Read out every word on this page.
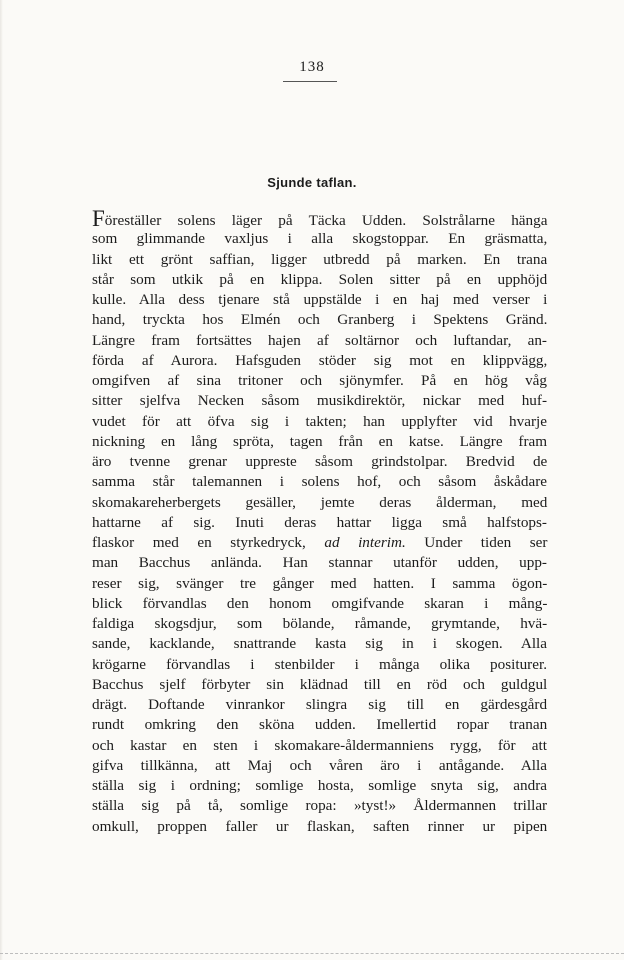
138
Sjunde taflan.
Föreställer solens läger på Täcka Udden. Solstrålarne hänga
som glimmande vaxljus i alla skogstoppar. En gräsmatta,
likt ett grönt saffian, ligger utbredd på marken. En trana
står som utkik på en klippa. Solen sitter på en upphöjd
kulle. Alla dess tjenare stå uppstälde i en haj med verser i
hand, tryckta hos Elmén och Granberg i Spektens Gränd.
Längre fram fortsättes hajen af soltärnor och luftandar, an-
förda af Aurora. Hafsguden stöder sig mot en klippvägg,
omgifven af sina tritoner och sjönymfer. På en hög våg
sitter sjelfva Necken såsom musikdirektör, nickar med huf-
vudet för att öfva sig i takten; han upplyfter vid hvarje
nickning en lång spröta, tagen från en katse. Längre fram
äro tvenne grenar uppreste såsom grindstolpar. Bredvid de
samma står talemannen i solens hof, och såsom åskådare
skomakareherbergets gesäller, jemte deras ålderman, med
hattarne af sig. Inuti deras hattar ligga små halfstops-
flaskor med en styrkedryck, ad interim. Under tiden ser
man Bacchus anlända. Han stannar utanför udden, upp-
reser sig, svänger tre gånger med hatten. I samma ögon-
blick förvandlas den honom omgifvande skaran i mång-
faldiga skogsdjur, som bölande, råmande, grymtande, hvä-
sande, kacklande, snattrande kasta sig in i skogen. Alla
krögarne förvandlas i stenbilder i många olika positurer.
Bacchus sjelf förbyter sin klädnad till en röd och guldgul
drägt. Doftande vinrankor slingra sig till en gärdesgård
rundt omkring den sköna udden. Imellertid ropar tranan
och kastar en sten i skomakare-åldermanniens rygg, för att
gifva tillkänna, att Maj och våren äro i antågande. Alla
ställa sig i ordning; somlige hosta, somlige snyta sig, andra
ställa sig på tå, somlige ropa: »tyst!» Åldermannen trillar
omkull, proppen faller ur flaskan, saften rinner ur pipen
